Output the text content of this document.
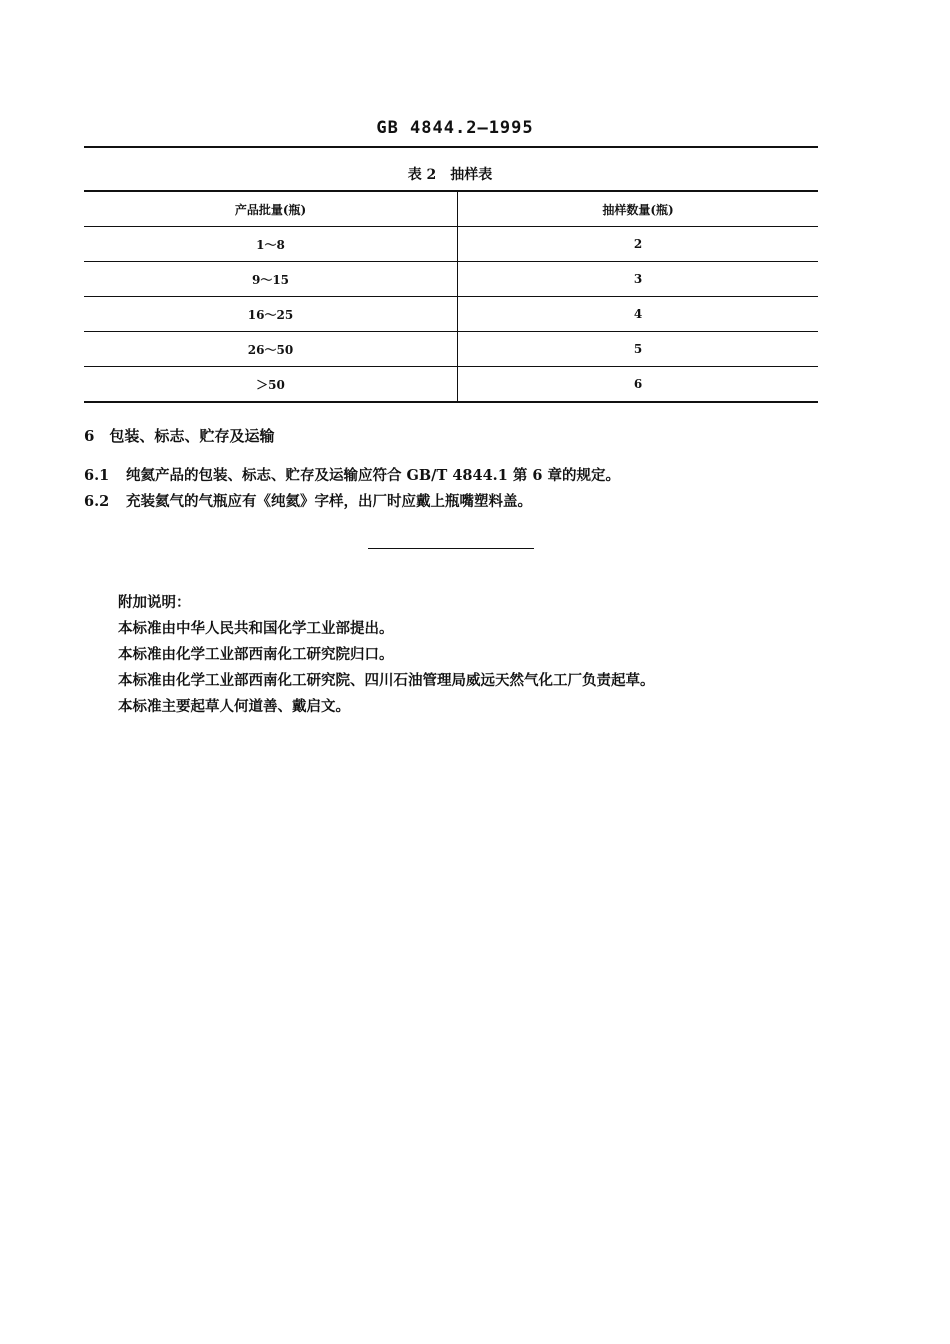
GB 4844.2—1995
表 2　抽样表
产品批量(瓶)	抽样数量(瓶)
1～8	2
9～15	3
16～25	4
26～50	5
＞50	6
6　包装、标志、贮存及运输
6.1 纯氦产品的包装、标志、贮存及运输应符合 GB/T 4844.1 第 6 章的规定。
6.2 充装氦气的气瓶应有《纯氦》字样，出厂时应戴上瓶嘴塑料盖。
附加说明：
本标准由中华人民共和国化学工业部提出。
本标准由化学工业部西南化工研究院归口。
本标准由化学工业部西南化工研究院、四川石油管理局威远天然气化工厂负责起草。
本标准主要起草人何道善、戴启文。
